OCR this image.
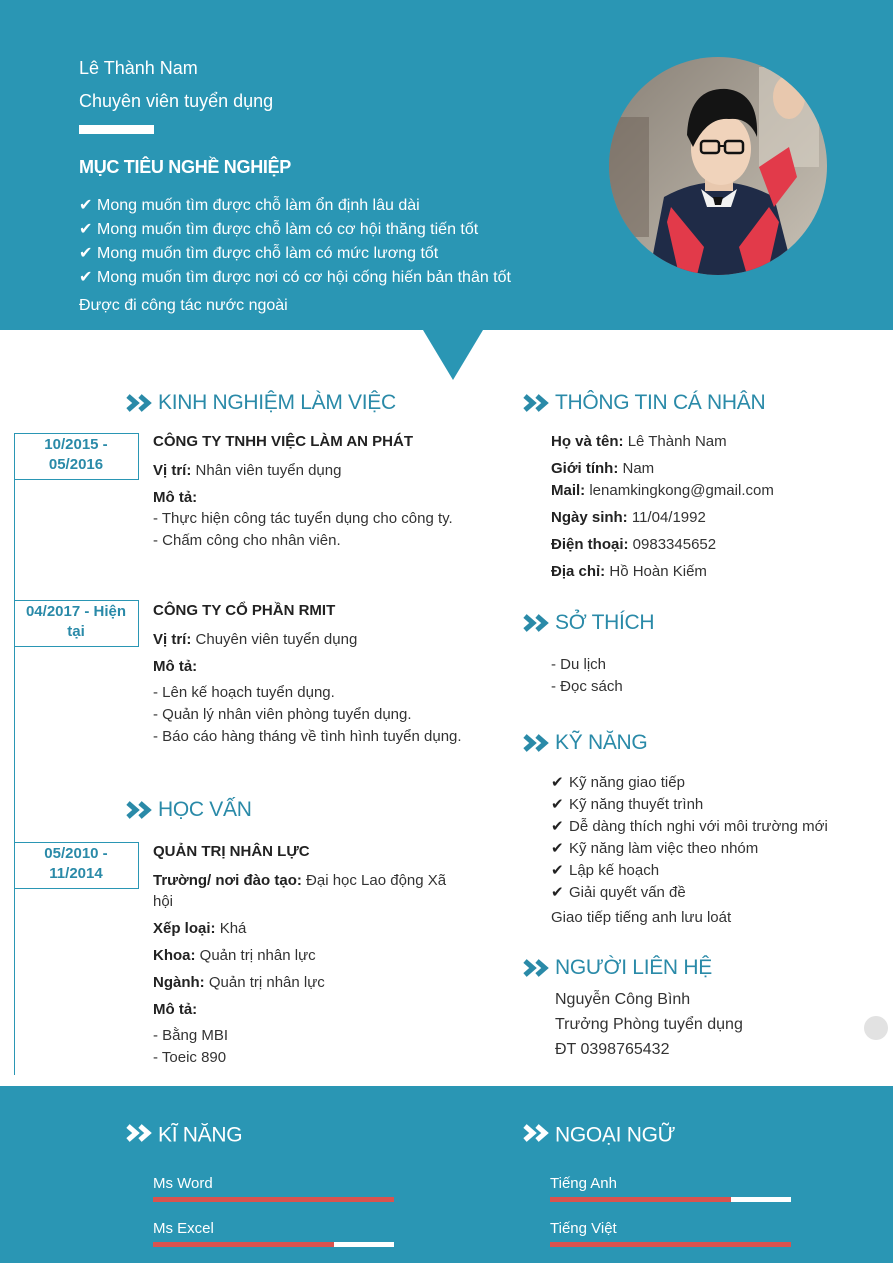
Lê Thành Nam
Chuyên viên tuyển dụng
MỤC TIÊU NGHỀ NGHIỆP
✔ Mong muốn tìm được chỗ làm ổn định lâu dài
✔ Mong muốn tìm được chỗ làm có cơ hội thăng tiến tốt
✔ Mong muốn tìm được chỗ làm có mức lương tốt
✔ Mong muốn tìm được nơi có cơ hội cống hiến bản thân tốt
Được đi công tác nước ngoài
KINH NGHIỆM LÀM VIỆC
10/2015 -
05/2016
CÔNG TY TNHH VIỆC LÀM AN PHÁT
Vị trí: Nhân viên tuyển dụng
Mô tả:
- Thực hiện công tác tuyển dụng cho công ty.
- Chấm công cho nhân viên.
04/2017 - Hiện
tại
CÔNG TY CỔ PHẦN RMIT
Vị trí: Chuyên viên tuyển dụng
Mô tả:
- Lên kế hoạch tuyển dụng.
- Quản lý nhân viên phòng tuyển dụng.
- Báo cáo hàng tháng về tình hình tuyển dụng.
HỌC VẤN
05/2010 -
11/2014
QUẢN TRỊ NHÂN LỰC
Trường/ nơi đào tạo: Đại học Lao động Xã hội
Xếp loại: Khá
Khoa: Quản trị nhân lực
Ngành: Quản trị nhân lực
Mô tả:
- Bằng MBI
- Toeic 890
THÔNG TIN CÁ NHÂN
Họ và tên: Lê Thành Nam
Giới tính: Nam
Mail: lenamkingkong@gmail.com
Ngày sinh: 11/04/1992
Điện thoại: 0983345652
Địa chỉ: Hồ Hoàn Kiếm
SỞ THÍCH
- Du lịch
- Đọc sách
KỸ NĂNG
✔ Kỹ năng giao tiếp
✔ Kỹ năng thuyết trình
✔ Dễ dàng thích nghi với môi trường mới
✔ Kỹ năng làm việc theo nhóm
✔ Lập kế hoạch
✔ Giải quyết vấn đề
Giao tiếp tiếng anh lưu loát
NGƯỜI LIÊN HỆ
Nguyễn Công Bình
Trưởng Phòng tuyển dụng
ĐT 0398765432
KĨ NĂNG
Ms Word
Ms Excel
NGOẠI NGỮ
Tiếng Anh
Tiếng Việt
